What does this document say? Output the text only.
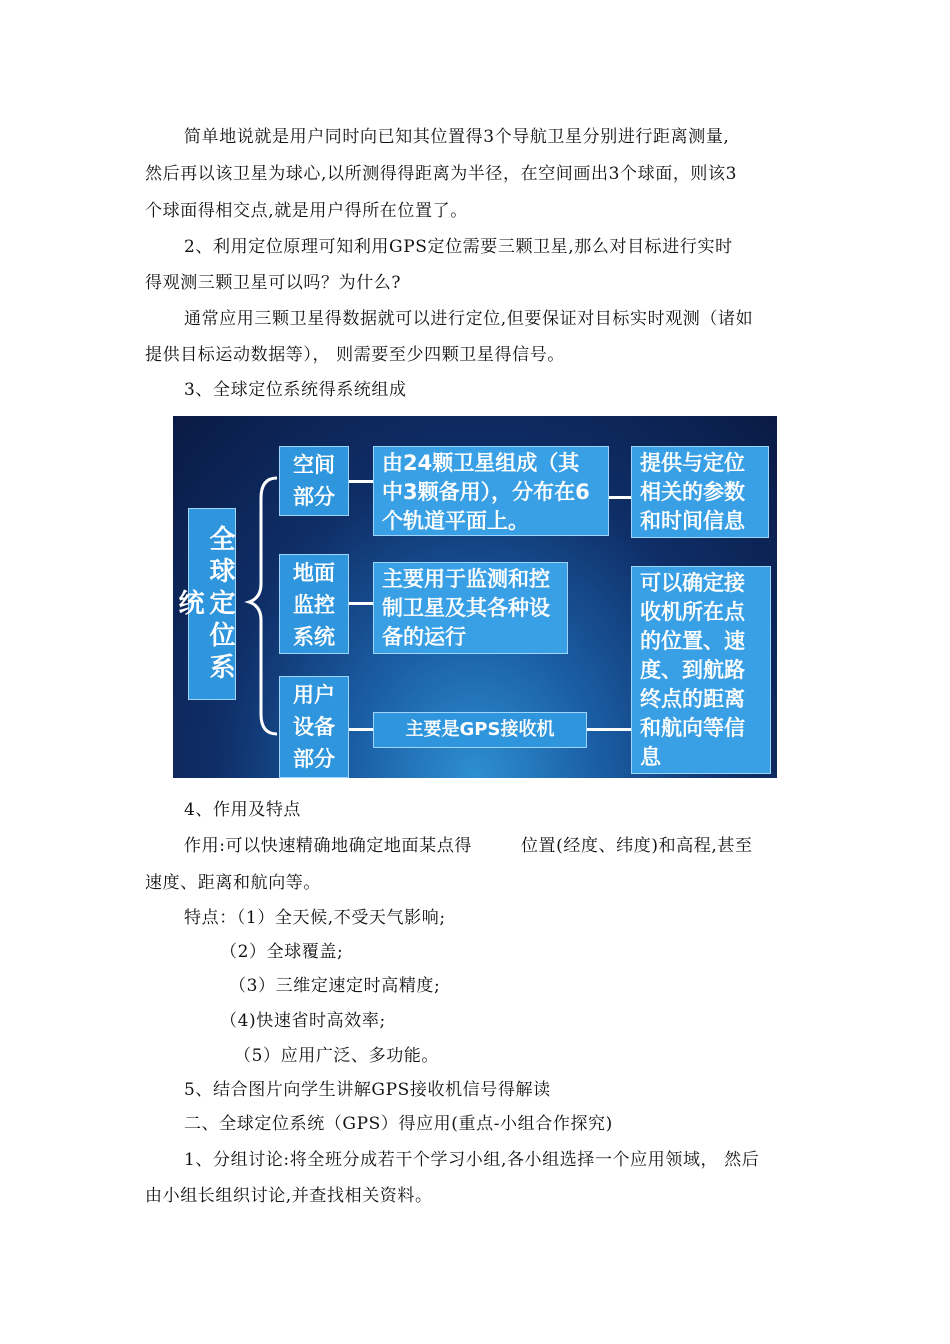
简单地说就是用户同时向已知其位置得3个导航卫星分别进行距离测量,
然后再以该卫星为球心,以所测得得距离为半径，在空间画出3个球面，则该3
个球面得相交点,就是用户得所在位置了。
2、利用定位原理可知利用GPS定位需要三颗卫星,那么对目标进行实时
得观测三颗卫星可以吗？为什么?
通常应用三颗卫星得数据就可以进行定位,但要保证对目标实时观测（诸如
提供目标运动数据等）， 则需要至少四颗卫星得信号。
3、全球定位系统得系统组成
全球定位系统
空间部分
由24颗卫星组成（其中3颗备用），分布在6个轨道平面上。
提供与定位相关的参数和时间信息
地面监控系统
主要用于监测和控制卫星及其各种设备的运行
用户设备部分
主要是GPS接收机
可以确定接收机所在点的位置、速度、到航路终点的距离和航向等信息
4、作用及特点
作用:可以快速精确地确定地面某点得	位置(经度、纬度)和高程,甚至
速度、距离和航向等。
特点：（1）全天候,不受天气影响;
（2）全球覆盖;
（3）三维定速定时高精度;
（4)快速省时高效率;
（5）应用广泛、多功能。
5、结合图片向学生讲解GPS接收机信号得解读
二、全球定位系统（GPS）得应用(重点-小组合作探究)
1、分组讨论:将全班分成若干个学习小组,各小组选择一个应用领域， 然后
由小组长组织讨论,并查找相关资料。
